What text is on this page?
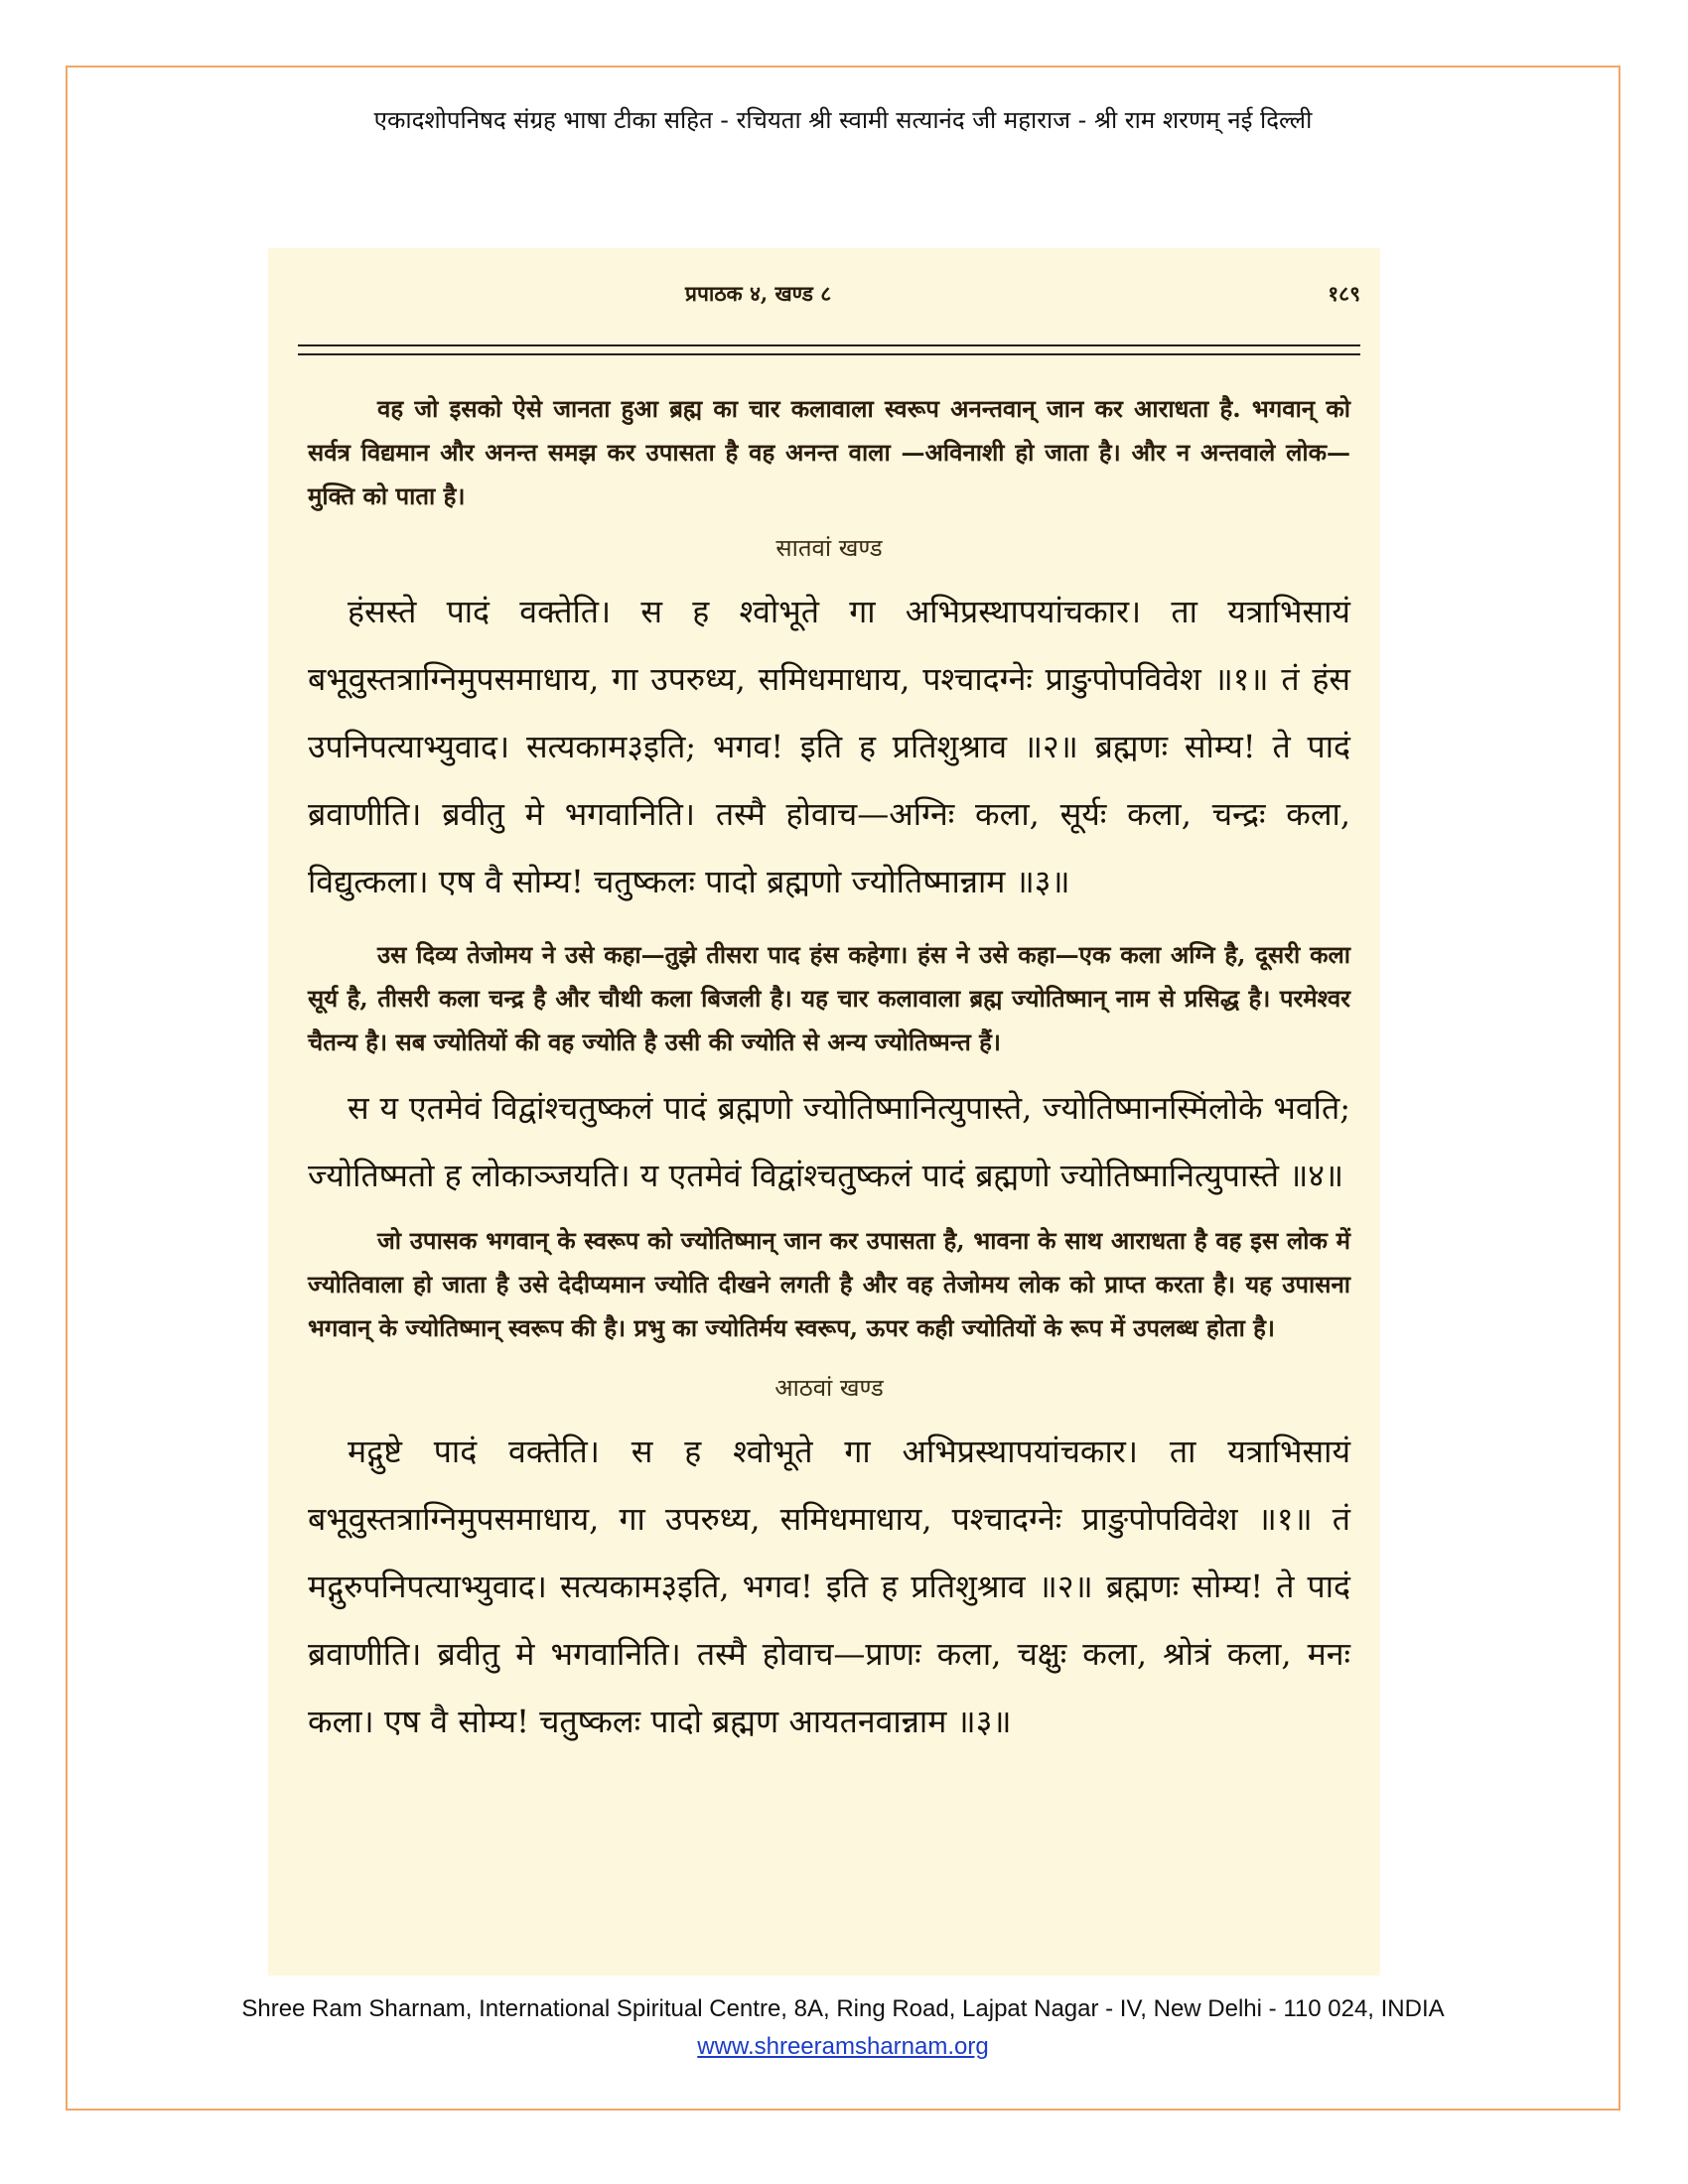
एकादशोपनिषद संग्रह भाषा टीका सहित - रचियता श्री स्वामी सत्यानंद जी महाराज - श्री राम शरणम् नई दिल्ली
प्रपाठक ४, खण्ड ८	१८९

वह जो इसको ऐसे जानता हुआ ब्रह्म का चार कलावाला स्वरूप अनन्तवान् जान कर आराधता है. भगवान् को सर्वत्र विद्यमान और अनन्त समझ कर उपासता है वह अनन्त वाला —अविनाशी हो जाता है। और न अन्तवाले लोक—मुक्ति को पाता है।

सातवां खण्ड

हंसस्ते पादं वक्तेति। स ह श्वोभूते गा अभिप्रस्थापयांचकार। ता यत्राभिसायं बभूवुस्तत्राग्निमुपसमाधाय, गा उपरुध्य, समिधमाधाय, पश्चादग्नेः प्राङुपोपविवेश ॥१॥ तं हंस उपनिपत्याभ्युवाद। सत्यकाम३इति; भगव! इति ह प्रतिशुश्राव ॥२॥ ब्रह्मणः सोम्य! ते पादं ब्रवाणीति। ब्रवीतु मे भगवानिति। तस्मै होवाच—अग्निः कला, सूर्यः कला, चन्द्रः कला, विद्युत्कला। एष वै सोम्य! चतुष्कलः पादो ब्रह्मणो ज्योतिष्मान्नाम ॥३॥

उस दिव्य तेजोमय ने उसे कहा—तुझे तीसरा पाद हंस कहेगा। हंस ने उसे कहा—एक कला अग्नि है, दूसरी कला सूर्य है, तीसरी कला चन्द्र है और चौथी कला बिजली है। यह चार कलावाला ब्रह्म ज्योतिष्मान् नाम से प्रसिद्ध है। परमेश्वर चैतन्य है। सब ज्योतियों की वह ज्योति है उसी की ज्योति से अन्य ज्योतिष्मन्त हैं।

स य एतमेवं विद्वांश्चतुष्कलं पादं ब्रह्मणो ज्योतिष्मानित्युपास्ते, ज्योतिष्मानस्मिंलोके भवति; ज्योतिष्मतो ह लोकाञ्जयति। य एतमेवं विद्वांश्चतुष्कलं पादं ब्रह्मणो ज्योतिष्मानित्युपास्ते ॥४॥

जो उपासक भगवान् के स्वरूप को ज्योतिष्मान् जान कर उपासता है, भावना के साथ आराधता है वह इस लोक में ज्योतिवाला हो जाता है उसे देदीप्यमान ज्योति दीखने लगती है और वह तेजोमय लोक को प्राप्त करता है। यह उपासना भगवान् के ज्योतिष्मान् स्वरूप की है। प्रभु का ज्योतिर्मय स्वरूप, ऊपर कही ज्योतियों के रूप में उपलब्ध होता है।

आठवां खण्ड

मद्गुष्टे पादं वक्तेति। स ह श्वोभूते गा अभिप्रस्थापयांचकार। ता यत्राभिसायं बभूवुस्तत्राग्निमुपसमाधाय, गा उपरुध्य, समिधमाधाय, पश्चादग्नेः प्राङुपोपविवेश ॥१॥ तं मद्गुरुपनिपत्याभ्युवाद। सत्यकाम३इति, भगव! इति ह प्रतिशुश्राव ॥२॥ ब्रह्मणः सोम्य! ते पादं ब्रवाणीति। ब्रवीतु मे भगवानिति। तस्मै होवाच—प्राणः कला, चक्षुः कला, श्रोत्रं कला, मनः कला। एष वै सोम्य! चतुष्कलः पादो ब्रह्मण आयतनवान्नाम ॥३॥

Shree Ram Sharnam, International Spiritual Centre, 8A, Ring Road, Lajpat Nagar - IV, New Delhi - 110 024, INDIA
www.shreeramsharnam.org
